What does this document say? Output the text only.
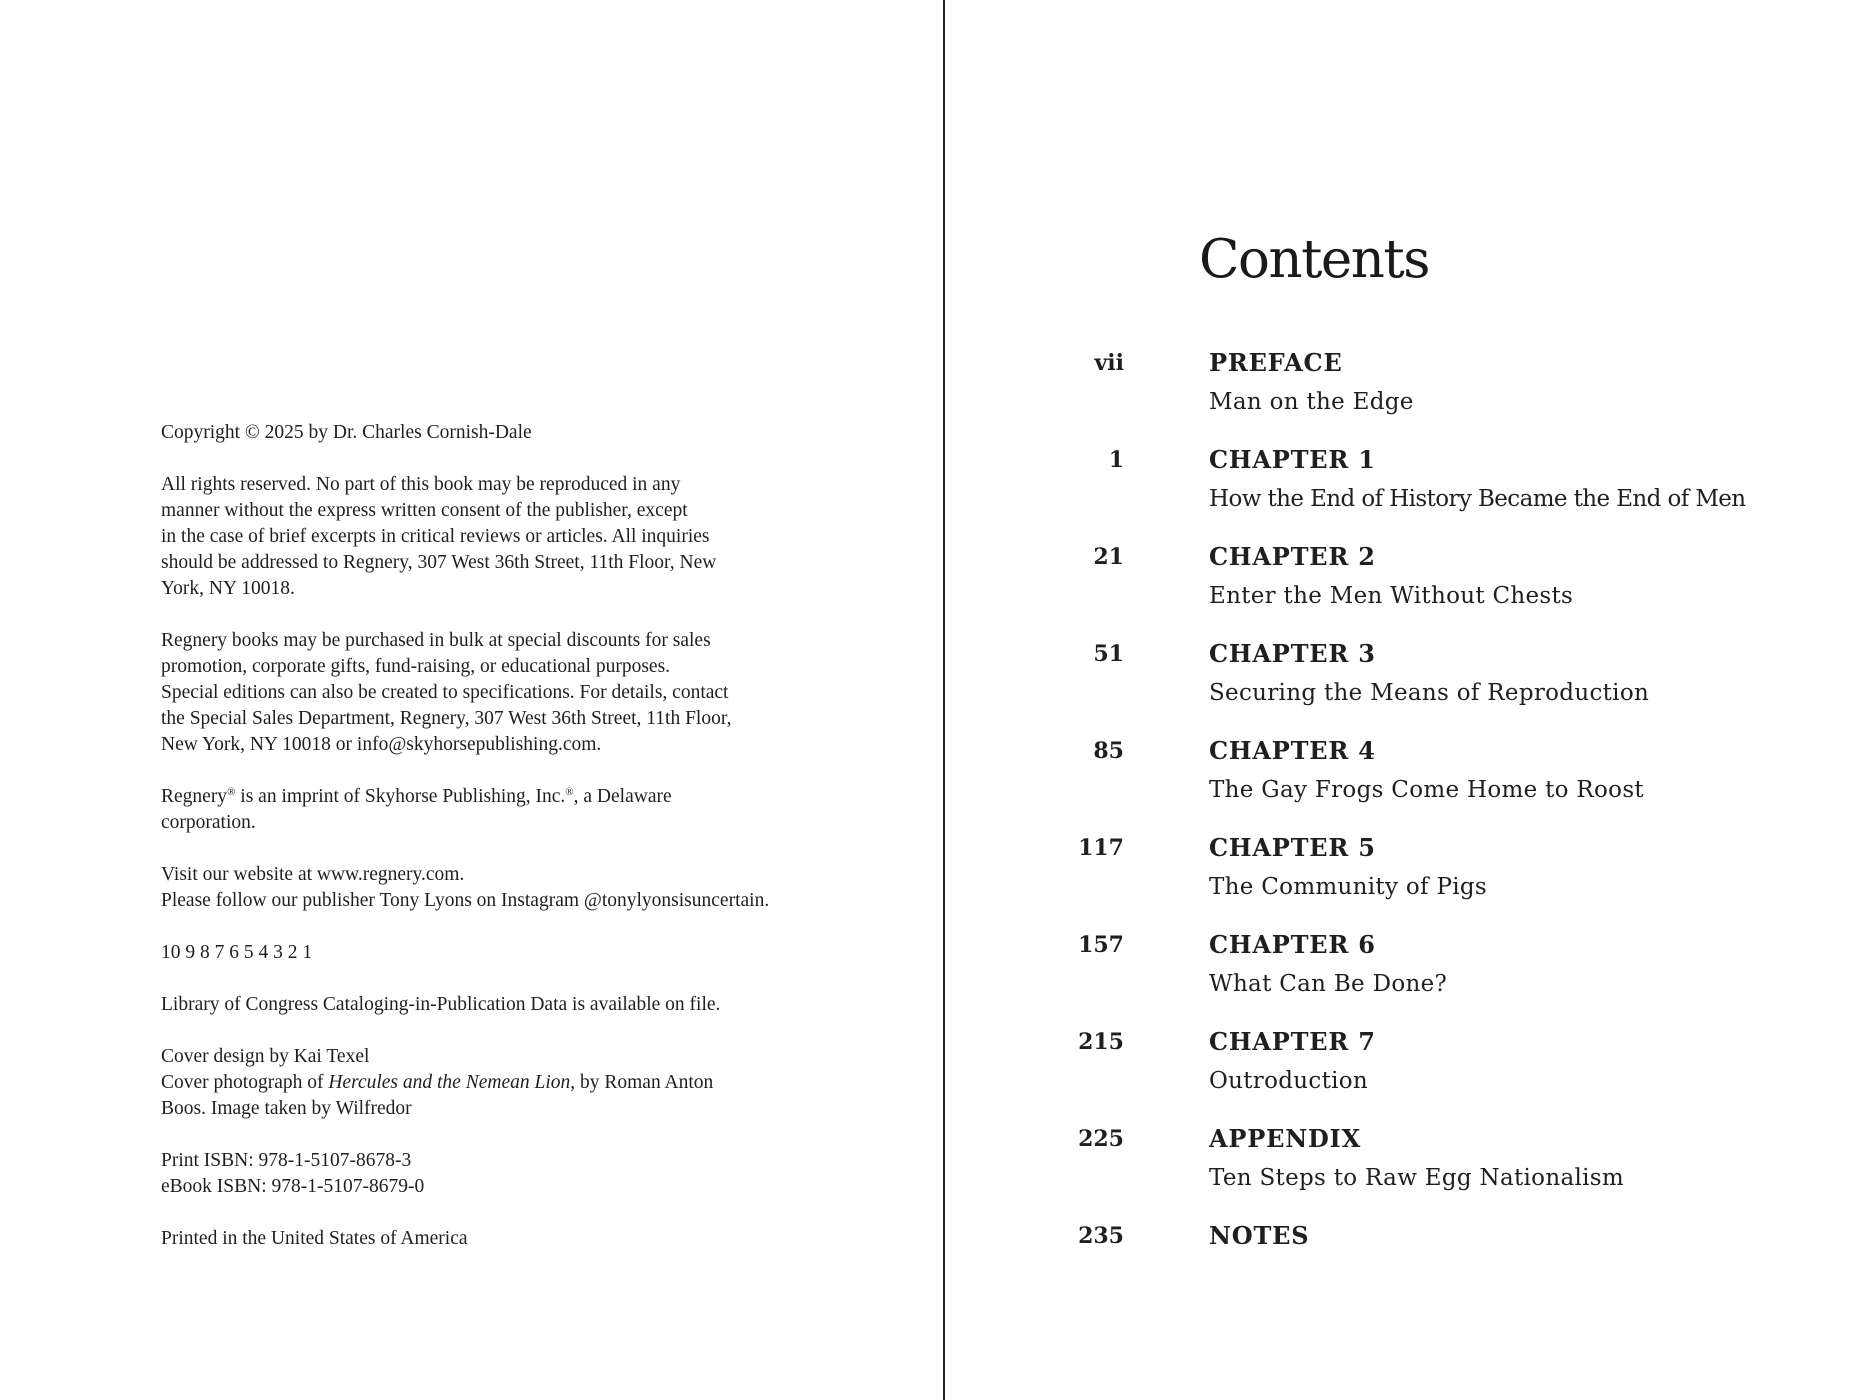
Copyright © 2025 by Dr. Charles Cornish-Dale

All rights reserved. No part of this book may be reproduced in any
manner without the express written consent of the publisher, except
in the case of brief excerpts in critical reviews or articles. All inquiries
should be addressed to Regnery, 307 West 36th Street, 11th Floor, New
York, NY 10018.

Regnery books may be purchased in bulk at special discounts for sales
promotion, corporate gifts, fund-raising, or educational purposes.
Special editions can also be created to specifications. For details, contact
the Special Sales Department, Regnery, 307 West 36th Street, 11th Floor,
New York, NY 10018 or info@skyhorsepublishing.com.

Regnery® is an imprint of Skyhorse Publishing, Inc.®, a Delaware
corporation.

Visit our website at www.regnery.com.
Please follow our publisher Tony Lyons on Instagram @tonylyonsisuncertain.

10 9 8 7 6 5 4 3 2 1

Library of Congress Cataloging-in-Publication Data is available on file.

Cover design by Kai Texel
Cover photograph of Hercules and the Nemean Lion, by Roman Anton
Boos. Image taken by Wilfredor

Print ISBN: 978-1-5107-8678-3
eBook ISBN: 978-1-5107-8679-0

Printed in the United States of America

Contents
vii	PREFACE
Man on the Edge
1	CHAPTER 1
How the End of History Became the End of Men
21	CHAPTER 2
Enter the Men Without Chests
51	CHAPTER 3
Securing the Means of Reproduction
85	CHAPTER 4
The Gay Frogs Come Home to Roost
117	CHAPTER 5
The Community of Pigs
157	CHAPTER 6
What Can Be Done?
215	CHAPTER 7
Outroduction
225	APPENDIX
Ten Steps to Raw Egg Nationalism
235	NOTES
